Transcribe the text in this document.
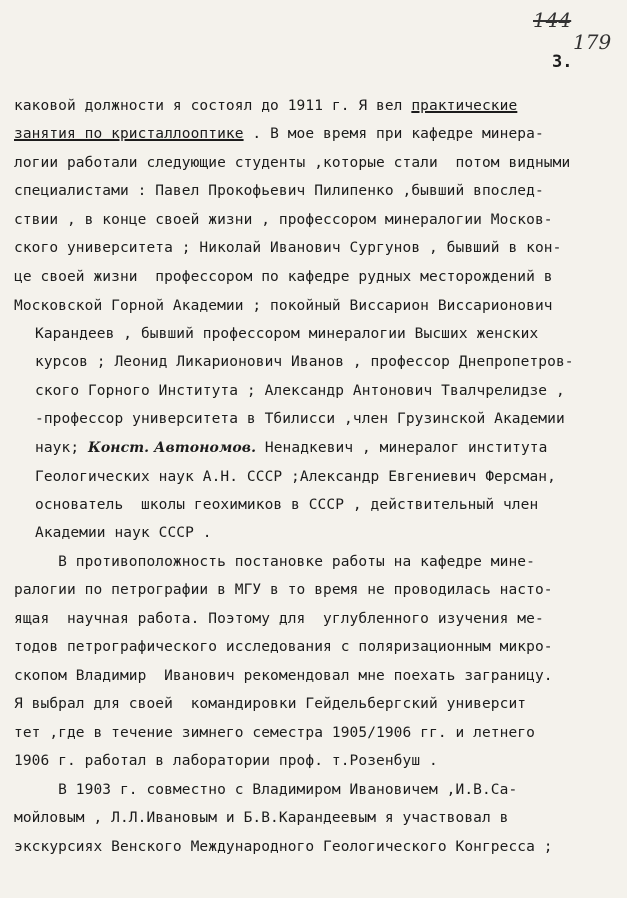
144
179
3.
каковой должности я состоял до 1911 г. Я вел практические
занятия по кристаллооптике . В мое время при кафедре минера-
логии работали следующие студенты ,которые стали  потом видными
специалистами : Павел Прокофьевич Пилипенко ,бывший впослед-
ствии , в конце своей жизни , профессором минералогии Москов-
ского университета ; Николай Иванович Сургунов , бывший в кон-
це своей жизни  профессором по кафедре рудных месторождений в
Московской Горной Академии ; покойный Виссарион Виссарионович
Карандеев , бывший профессором минералогии Высших женских
курсов ; Леонид Ликарионович Иванов , профессор Днепропетров-
ского Горного Института ; Александр Антонович Твалчрелидзе ,
-профессор университета в Тбилисси ,член Грузинской Академии
наук; Конст. Автономов. Ненадкевич , минералог института
Геологических наук А.Н. СССР ;Александр Евгениевич Ферсман,
основатель  школы геохимиков в СССР , действительный член
Академии наук СССР .
В противоположность постановке работы на кафедре мине-
ралогии по петрографии в МГУ в то время не проводилась насто-
ящая  научная работа. Поэтому для  углубленного изучения ме-
тодов петрографического исследования с поляризационным микро-
скопом Владимир  Иванович рекомендовал мне поехать заграницу.
Я выбрал для своей  командировки Гейдельбергский университ
тет ,где в течение зимнего семестра 1905/1906 гг. и летнего
1906 г. работал в лаборатории проф. т.Розенбуш .
В 1903 г. совместно с Владимиром Ивановичем ,И.В.Са-
мойловым , Л.Л.Ивановым и Б.В.Карандеевым я участвовал в
экскурсиях Венского Международного Геологического Конгресса ;
